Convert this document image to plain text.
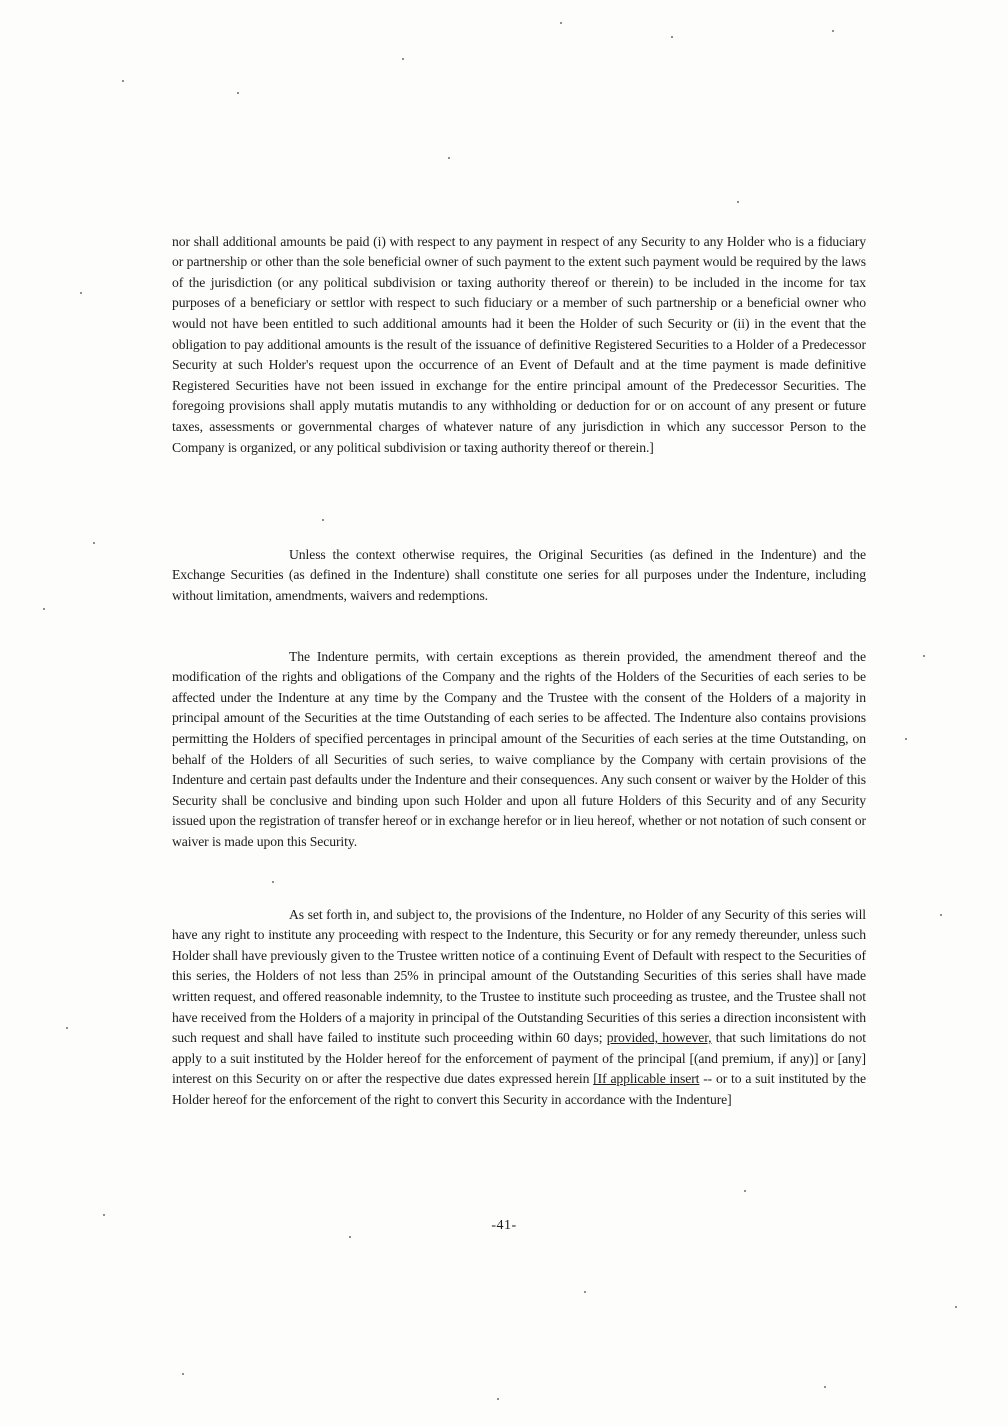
nor shall additional amounts be paid (i) with respect to any payment in respect of any Security to any Holder who is a fiduciary or partnership or other than the sole beneficial owner of such payment to the extent such payment would be required by the laws of the jurisdiction (or any political subdivision or taxing authority thereof or therein) to be included in the income for tax purposes of a beneficiary or settlor with respect to such fiduciary or a member of such partnership or a beneficial owner who would not have been entitled to such additional amounts had it been the Holder of such Security or (ii) in the event that the obligation to pay additional amounts is the result of the issuance of definitive Registered Securities to a Holder of a Predecessor Security at such Holder's request upon the occurrence of an Event of Default and at the time payment is made definitive Registered Securities have not been issued in exchange for the entire principal amount of the Predecessor Securities. The foregoing provisions shall apply mutatis mutandis to any withholding or deduction for or on account of any present or future taxes, assessments or governmental charges of whatever nature of any jurisdiction in which any successor Person to the Company is organized, or any political subdivision or taxing authority thereof or therein.]

Unless the context otherwise requires, the Original Securities (as defined in the Indenture) and the Exchange Securities (as defined in the Indenture) shall constitute one series for all purposes under the Indenture, including without limitation, amendments, waivers and redemptions.

The Indenture permits, with certain exceptions as therein provided, the amendment thereof and the modification of the rights and obligations of the Company and the rights of the Holders of the Securities of each series to be affected under the Indenture at any time by the Company and the Trustee with the consent of the Holders of a majority in principal amount of the Securities at the time Outstanding of each series to be affected. The Indenture also contains provisions permitting the Holders of specified percentages in principal amount of the Securities of each series at the time Outstanding, on behalf of the Holders of all Securities of such series, to waive compliance by the Company with certain provisions of the Indenture and certain past defaults under the Indenture and their consequences. Any such consent or waiver by the Holder of this Security shall be conclusive and binding upon such Holder and upon all future Holders of this Security and of any Security issued upon the registration of transfer hereof or in exchange herefor or in lieu hereof, whether or not notation of such consent or waiver is made upon this Security.

As set forth in, and subject to, the provisions of the Indenture, no Holder of any Security of this series will have any right to institute any proceeding with respect to the Indenture, this Security or for any remedy thereunder, unless such Holder shall have previously given to the Trustee written notice of a continuing Event of Default with respect to the Securities of this series, the Holders of not less than 25% in principal amount of the Outstanding Securities of this series shall have made written request, and offered reasonable indemnity, to the Trustee to institute such proceeding as trustee, and the Trustee shall not have received from the Holders of a majority in principal of the Outstanding Securities of this series a direction inconsistent with such request and shall have failed to institute such proceeding within 60 days; provided, however, that such limitations do not apply to a suit instituted by the Holder hereof for the enforcement of payment of the principal [(and premium, if any)] or [any] interest on this Security on or after the respective due dates expressed herein [If applicable insert -- or to a suit instituted by the Holder hereof for the enforcement of the right to convert this Security in accordance with the Indenture]

-41-
